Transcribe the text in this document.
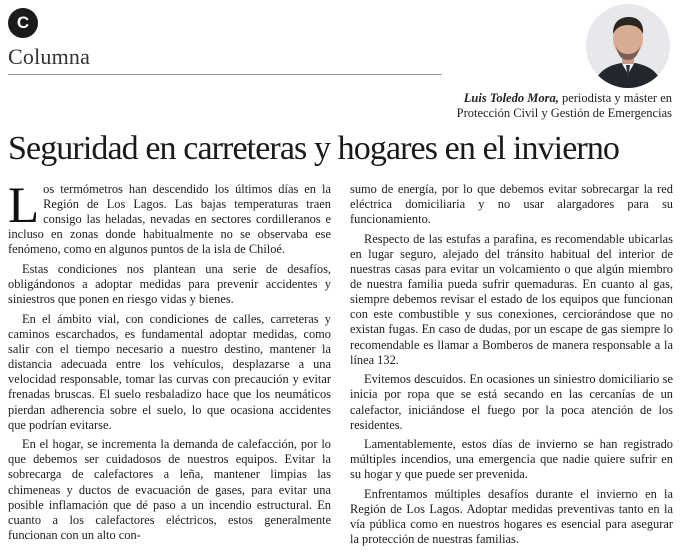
C
Columna
Luis Toledo Mora, periodista y máster en
Protección Civil y Gestión de Emergencias
Seguridad en carreteras y hogares en el invierno

Los termómetros han descendido los últimos días en la Región de Los Lagos. Las bajas temperaturas traen consigo las heladas, nevadas en sectores cordilleranos e incluso en zonas donde habitualmente no se observaba ese fenómeno, como en algunos puntos de la isla de Chiloé.

Estas condiciones nos plantean una serie de desafíos, obligándonos a adoptar medidas para prevenir accidentes y siniestros que ponen en riesgo vidas y bienes.

En el ámbito vial, con condiciones de calles, carreteras y caminos escarchados, es fundamental adoptar medidas, como salir con el tiempo necesario a nuestro destino, mantener la distancia adecuada entre los vehículos, desplazarse a una velocidad responsable, tomar las curvas con precaución y evitar frenadas bruscas. El suelo resbaladizo hace que los neumáticos pierdan adherencia sobre el suelo, lo que ocasiona accidentes que podrían evitarse.

En el hogar, se incrementa la demanda de calefacción, por lo que debemos ser cuidadosos de nuestros equipos. Evitar la sobrecarga de calefactores a leña, mantener limpias las chimeneas y ductos de evacuación de gases, para evitar una posible inflamación que dé paso a un incendio estructural. En cuanto a los calefactores eléctricos, estos generalmente funcionan con un alto con-

sumo de energía, por lo que debemos evitar sobrecargar la red eléctrica domiciliaria y no usar alargadores para su funcionamiento.

Respecto de las estufas a parafina, es recomendable ubicarlas en lugar seguro, alejado del tránsito habitual del interior de nuestras casas para evitar un volcamiento o que algún miembro de nuestra familia pueda sufrir quemaduras. En cuanto al gas, siempre debemos revisar el estado de los equipos que funcionan con este combustible y sus conexiones, cerciorándose que no existan fugas. En caso de dudas, por un escape de gas siempre lo recomendable es llamar a Bomberos de manera responsable a la línea 132.

Evitemos descuidos. En ocasiones un siniestro domiciliario se inicia por ropa que se está secando en las cercanías de un calefactor, iniciándose el fuego por la poca atención de los residentes.

Lamentablemente, estos días de invierno se han registrado múltiples incendios, una emergencia que nadie quiere sufrir en su hogar y que puede ser prevenida.

Enfrentamos múltiples desafíos durante el invierno en la Región de Los Lagos. Adoptar medidas preventivas tanto en la vía pública como en nuestros hogares es esencial para asegurar la protección de nuestras familias.
